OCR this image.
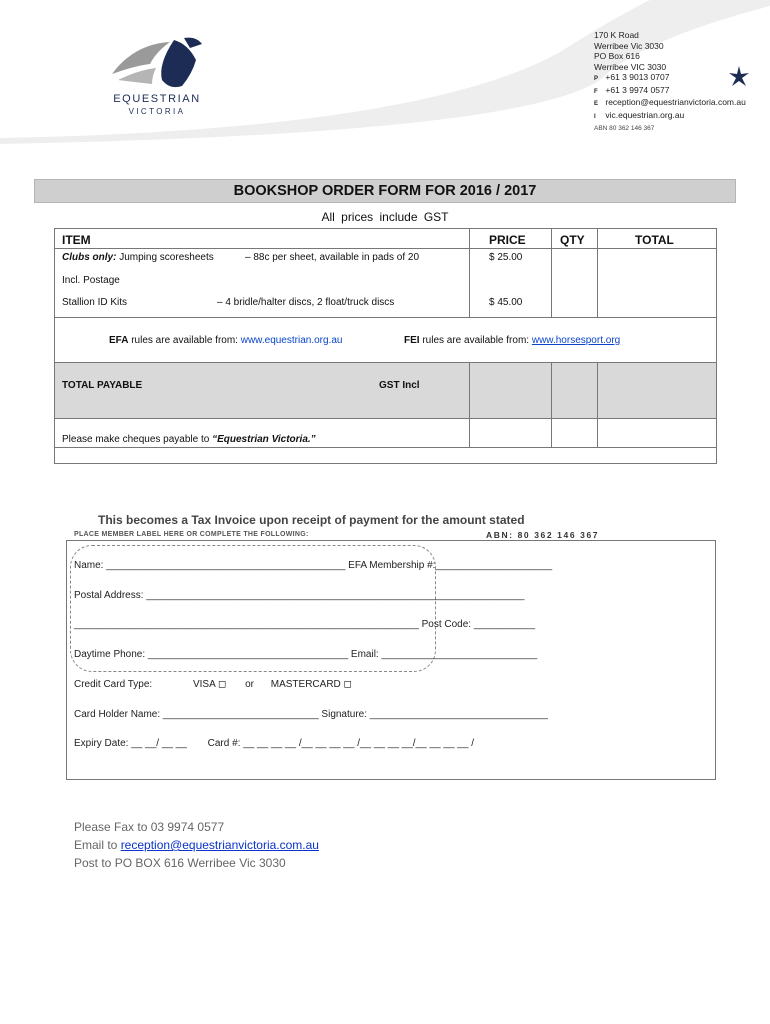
EQUESTRIAN
VICTORIA
170 K Road
Werribee Vic 3030
PO Box 616
Werribee VIC 3030
P +61 3 9013 0707
F +61 3 9974 0577
E reception@equestrianvictoria.com.au
I vic.equestrian.org.au
ABN 80 362 146 367
BOOKSHOP ORDER FORM FOR 2016 / 2017
All prices include GST
ITEM	PRICE	QTY	TOTAL
Clubs only: Jumping scoresheets	– 88c per sheet, available in pads of 20	$ 25.00
Incl. Postage
Stallion ID Kits	– 4 bridle/halter discs, 2 float/truck discs	$ 45.00
EFA rules are available from: www.equestrian.org.au	FEI rules are available from: www.horsesport.org
TOTAL PAYABLE	GST Incl
Please make cheques payable to “Equestrian Victoria.”
This becomes a Tax Invoice upon receipt of payment for the amount stated
PLACE MEMBER LABEL HERE OR COMPLETE THE FOLLOWING:	ABN: 80 362 146 367
Name: ___________________________________________ EFA Membership #:_____________________
Postal Address: ____________________________________________________________________
______________________________________________________________ Post Code: ___________
Daytime Phone: ____________________________________ Email: ____________________________
Credit Card Type:	VISA ◻ or MASTERCARD ◻
Card Holder Name: ____________________________ Signature: ________________________________
Expiry Date: __ __/ __ __ Card #: __ __ __ __ /__ __ __ __ /__ __ __ __/__ __ __ __ /
Please Fax to 03 9974 0577
Email to reception@equestrianvictoria.com.au
Post to PO BOX 616 Werribee Vic 3030
